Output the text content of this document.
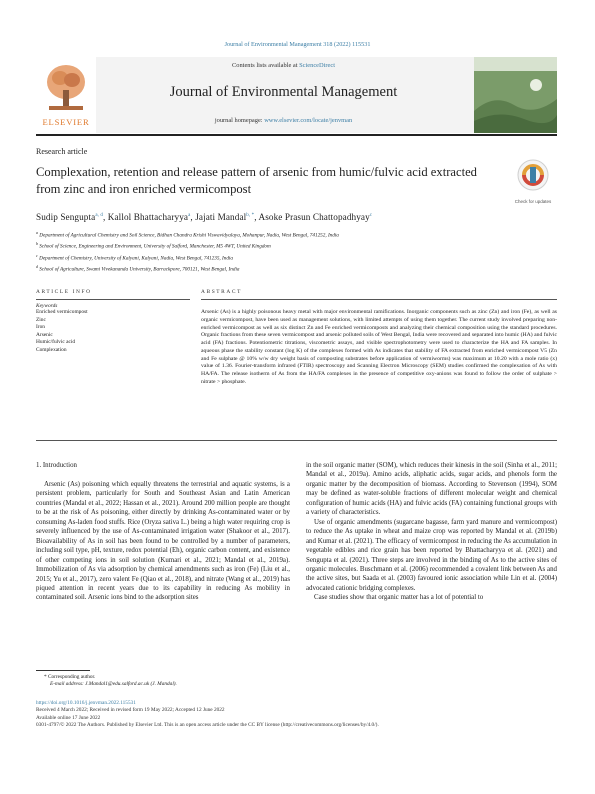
Journal of Environmental Management 318 (2022) 115531
ELSEVIER
Contents lists available at ScienceDirect
Journal of Environmental Management
journal homepage: www.elsevier.com/locate/jenvman
Research article
Check for updates
Complexation, retention and release pattern of arsenic from humic/fulvic acid extracted from zinc and iron enriched vermicompost
Sudip Sengupta$^{a, d}$, Kallol Bhattacharyya$^a$, Jajati Mandal$^{b, *}$, Asoke Prasun Chattopadhyay$^c$
$^a$ Department of Agricultural Chemistry and Soil Science, Bidhan Chandra Krishi Viswavidyalaya, Mohanpur, Nadia, West Bengal, 741252, India
$^b$ School of Science, Engineering and Environment, University of Salford, Manchester, M5 4WT, United Kingdom
$^c$ Department of Chemistry, University of Kalyani, Kalyani, Nadia, West Bengal, 741235, India
$^d$ School of Agriculture, Swami Vivekananda University, Barrackpore, 700121, West Bengal, India
ARTICLE INFO
Keywords
Enriched vermicompost
Zinc
Iron
Arsenic
Humic/fulvic acid
Complexation
ABSTRACT
Arsenic (As) is a highly poisonous heavy metal with major environmental ramifications. Inorganic components such as zinc (Zn) and iron (Fe), as well as organic vermicompost, have been used as management solutions, with limited attempts of using them together. The current study involved preparing non-enriched vermicompost as well as six distinct Zn and Fe enriched vermicomposts and analyzing their chemical composition using the standard procedures. Organic fractions from these seven vermicompost and arsenic polluted soils of West Bengal, India were recovered and separated into humic (HA) and fulvic acid (FA) fractions. Potentiometric titrations, viscometric assays, and visible spectrophotometry were used to characterize the HA and FA samples. In aqueous phase the stability constant (log K) of the complexes formed with As indicates that stability of FA extracted from enriched vermicompost V5 (Zn and Fe sulphate @ 10% w/w dry weight basis of composting substrates before application of vermiworms) was maximum at 10.20 with a mole ratio (x) value of 1.36. Fourier-transform infrared (FTIR) spectroscopy and Scanning Electron Microscopy (SEM) studies confirmed the complexation of As with HA/FA. The release isotherm of As from the HA/FA complexes in the presence of competitive oxy-anions was found to follow the order of sulphate > nitrate > phosphate.
1. Introduction

Arsenic (As) poisoning which equally threatens the terrestrial and aquatic systems, is a persistent problem, particularly for South and Southeast Asian and Latin American countries (Mandal et al., 2022; Hassan et al., 2021). Around 200 million people are thought to be at the risk of As poisoning, either directly by drinking As-contaminated water or by consuming As-laden food stuffs. Rice (Oryza sativa L.) being a high water requiring crop is severely influenced by the use of As-contaminated irrigation water (Shakoor et al., 2017). Bioavailability of As in soil has been found to be controlled by a number of parameters, including soil type, pH, texture, redox potential (Eh), organic carbon content, and existence of other competing ions in soil solution (Kumari et al., 2021; Mandal et al., 2019a). Immobilization of As via adsorption by chemical amendments such as iron (Fe) (Liu et al., 2015; Yu et al., 2017), zero valent Fe (Qiao et al., 2018), and nitrate (Wang et al., 2019) has piqued attention in recent years due to its capability in reducing As mobility in contaminated soil. Arsenic ions bind to the adsorption sites

in the soil organic matter (SOM), which reduces their kinesis in the soil (Sinha et al., 2011; Mandal et al., 2019a). Amino acids, aliphatic acids, sugar acids, and phenols form the organic matter by the decomposition of biomass. According to Stevenson (1994), SOM may be defined as water-soluble fractions of different molecular weight and chemical configuration of humic acids (HA) and fulvic acids (FA) containing functional groups with a variety of characteristics.

Use of organic amendments (sugarcane bagasse, farm yard manure and vermicompost) to reduce the As uptake in wheat and maize crop was reported by Mandal et al. (2019b) and Kumar et al. (2021). The efficacy of vermicompost in reducing the As accumulation in vegetable edibles and rice grain has been reported by Bhattacharyya et al. (2021) and Sengupta et al. (2021). Three steps are involved in the binding of As to the active sites of organic molecules. Buschmann et al. (2006) recommended a covalent link between As and the active sites, but Saada et al. (2003) favoured ionic association while Lin et al. (2004) advocated cationic bridging complexes.

Case studies show that organic matter has a lot of potential to

* Corresponding author.
E-mail address: J.Mandal1@edu.salford.ac.uk (J. Mandal).
https://doi.org/10.1016/j.jenvman.2022.115531
Received 4 March 2022; Received in revised form 19 May 2022; Accepted 12 June 2022
Available online 17 June 2022
0301-4797/© 2022 The Authors. Published by Elsevier Ltd. This is an open access article under the CC BY license (http://creativecommons.org/licenses/by/4.0/).
